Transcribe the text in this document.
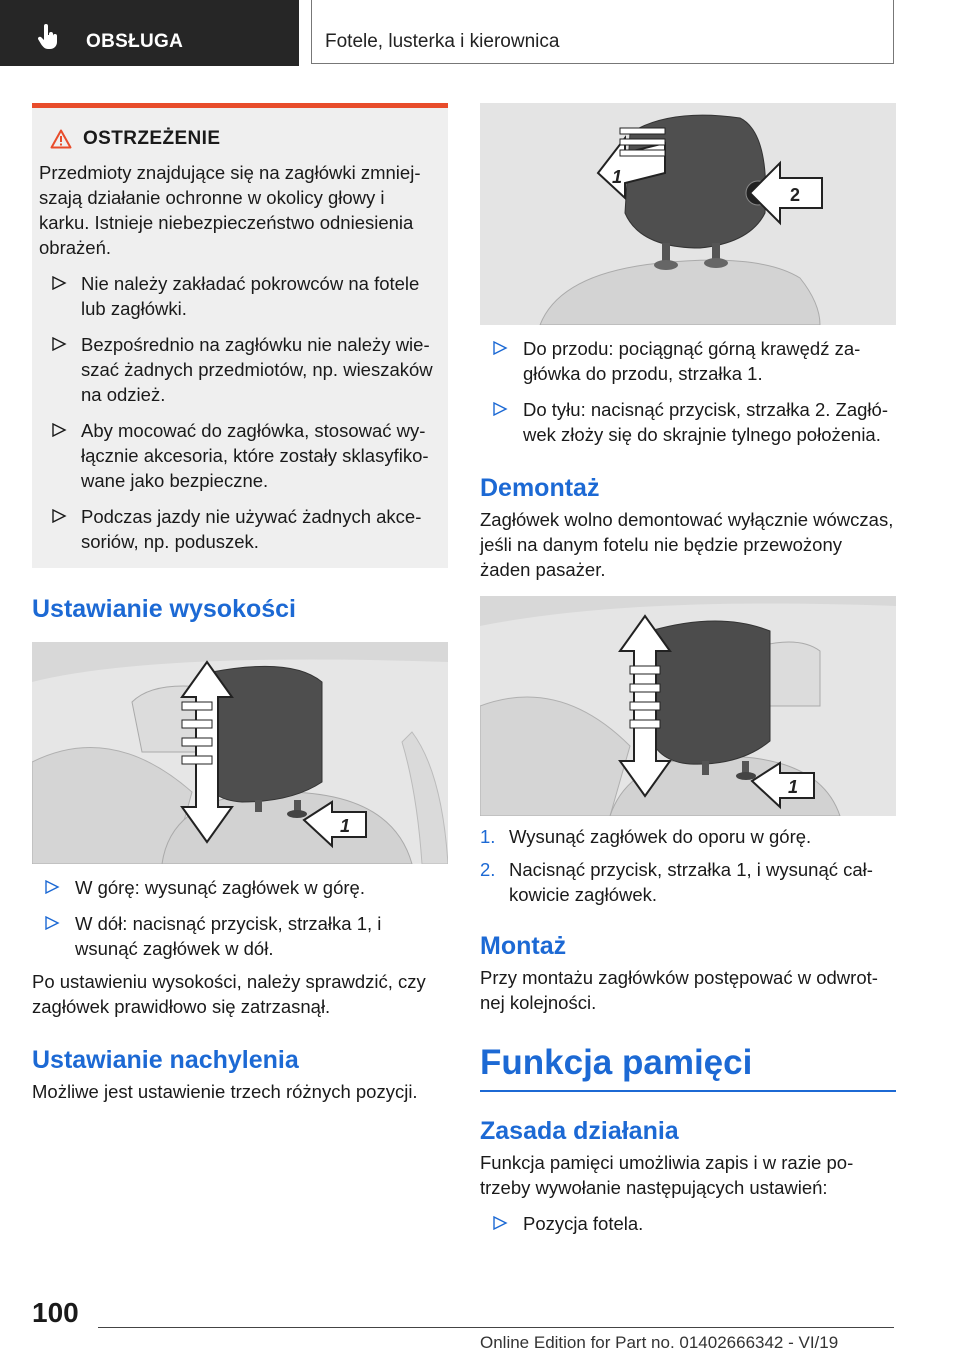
OBSŁUGA	Fotele, lusterka i kierownica
OSTRZEŻENIE

Przedmioty znajdujące się na zagłówki zmniejszają działanie ochronne w okolicy głowy i karku. Istnieje niebezpieczeństwo odniesienia obrażeń.

Nie należy zakładać pokrowców na fotele lub zagłówki.
Bezpośrednio na zagłówku nie należy wieszać żadnych przedmiotów, np. wieszaków na odzież.
Aby mocować do zagłówka, stosować wyłącznie akcesoria, które zostały sklasyfikowane jako bezpieczne.
Podczas jazdy nie używać żadnych akcesoriów, np. poduszek.
Ustawianie wysokości
1
W górę: wysunąć zagłówek w górę.
W dół: nacisnąć przycisk, strzałka 1, i wsunąć zagłówek w dół.

Po ustawieniu wysokości, należy sprawdzić, czy zagłówek prawidłowo się zatrzasnął.

Ustawianie nachylenia

Możliwe jest ustawienie trzech różnych pozycji.

1
2
Do przodu: pociągnąć górną krawędź zagłówka do przodu, strzałka 1.
Do tyłu: nacisnąć przycisk, strzałka 2. Zagłówek złoży się do skrajnie tylnego położenia.
Demontaż

Zagłówek wolno demontować wyłącznie wówczas, jeśli na danym fotelu nie będzie przewożony żaden pasażer.

1
1. Wysunąć zagłówek do oporu w górę.
2. Nacisnąć przycisk, strzałka 1, i wysunąć całkowicie zagłówek.
Montaż

Przy montażu zagłówków postępować w odwrotnej kolejności.

Funkcja pamięci
Zasada działania

Funkcja pamięci umożliwia zapis i w razie potrzeby wywołanie następujących ustawień:

Pozycja fotela.
100
Online Edition for Part no. 01402666342 - VI/19
